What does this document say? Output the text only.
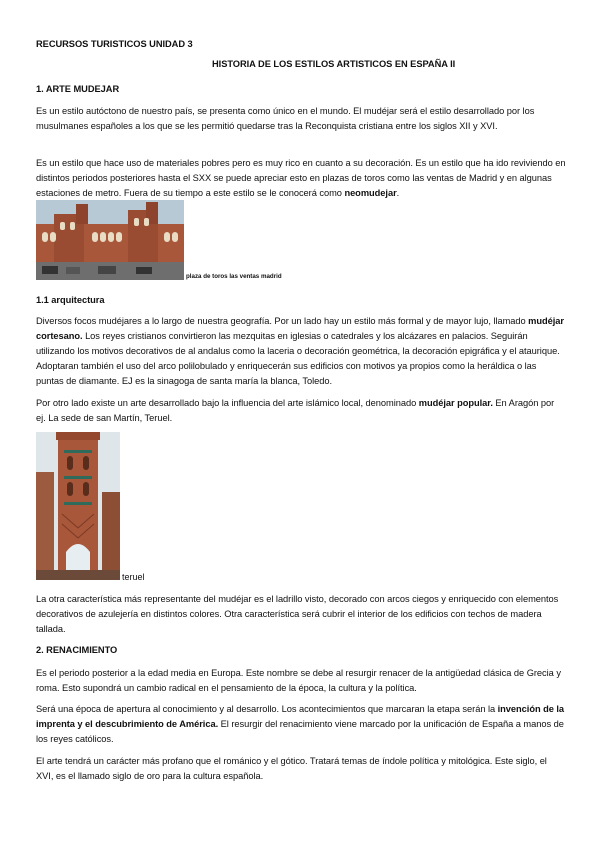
RECURSOS TURISTICOS UNIDAD 3

HISTORIA DE LOS ESTILOS ARTISTICOS EN ESPAÑA II

1. ARTE MUDEJAR

Es un estilo autóctono de nuestro país, se presenta como único en el mundo. El mudéjar será el estilo desarrollado por los musulmanes españoles a los que se les permitió quedarse tras la Reconquista cristiana entre los siglos XII y XVI.

Es un estilo que hace uso de materiales pobres pero es muy rico en cuanto a su decoración. Es un estilo que ha ido reviviendo en distintos periodos posteriores hasta el SXX se puede apreciar esto en plazas de toros como las ventas de Madrid y en algunas estaciones de metro. Fuera de su tiempo a este estilo se le conocerá como neomudejar.

plaza de toros las ventas madrid

1.1 arquitectura

Diversos focos mudéjares a lo largo de nuestra geografía. Por un lado hay un estilo más formal y de mayor lujo, llamado mudéjar cortesano. Los reyes cristianos convirtieron las mezquitas en iglesias o catedrales y los alcázares en palacios. Seguirán utilizando los motivos decorativos de al andalus como la laceria o decoración geométrica, la decoración epigráfica y el ataurique. Adoptaran también el uso del arco polilobulado y enriquecerán sus edificios con motivos ya propios como la heráldica o las puntas de diamante. EJ es la sinagoga de santa maría la blanca, Toledo.

Por otro lado existe un arte desarrollado bajo la influencia del arte islámico local, denominado mudéjar popular. En Aragón por ej. La sede de san Martín, Teruel.

teruel

La otra característica más representante del mudéjar es el ladrillo visto, decorado con arcos ciegos y enriquecido con elementos decorativos de azulejería en distintos colores. Otra característica será cubrir el interior de los edificios con techos de madera tallada.

2. RENACIMIENTO

Es el periodo posterior a la edad media en Europa. Este nombre se debe al resurgir renacer de la antigüedad clásica de Grecia y roma. Esto supondrá un cambio radical en el pensamiento de la época, la cultura y la política.

Será una época de apertura al conocimiento y al desarrollo. Los acontecimientos que marcaran la etapa serán la invención de la imprenta y el descubrimiento de América. El resurgir del renacimiento viene marcado por la unificación de España a manos de los reyes católicos.

El arte tendrá un carácter más profano que el románico y el gótico. Tratará temas de índole política y mitológica. Este siglo, el XVI, es el llamado siglo de oro para la cultura española.
